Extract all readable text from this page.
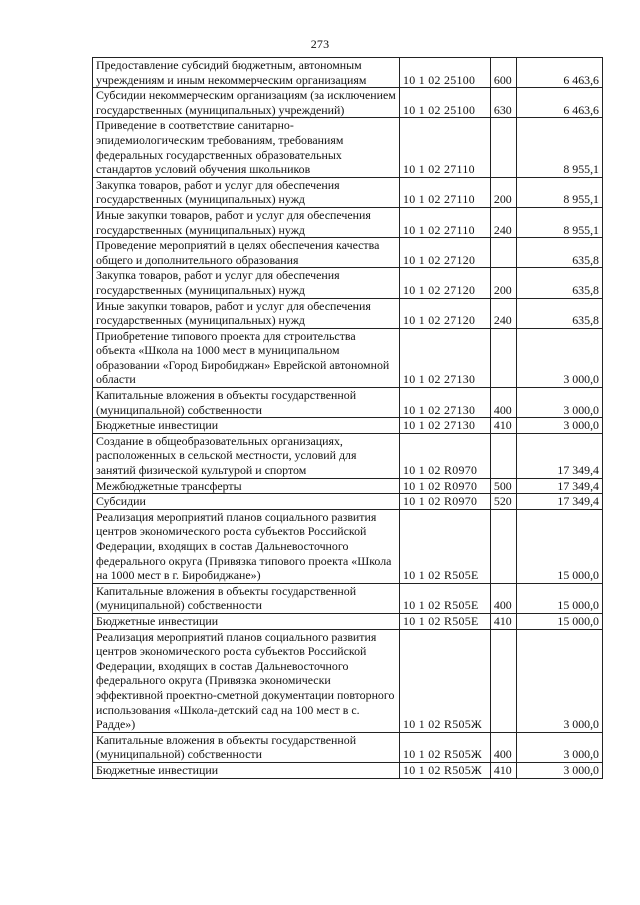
273
Предоставление субсидий бюджетным, автономным учреждениям и иным некоммерческим организациям	10 1 02 25100	600	6 463,6
Субсидии некоммерческим организациям (за исключением государственных (муниципальных) учреждений)	10 1 02 25100	630	6 463,6
Приведение в соответствие санитарно-эпидемиологическим требованиям, требованиям федеральных государственных образовательных стандартов условий обучения школьников	10 1 02 27110		8 955,1
Закупка товаров, работ и услуг для обеспечения государственных (муниципальных) нужд	10 1 02 27110	200	8 955,1
Иные закупки товаров, работ и услуг для обеспечения государственных (муниципальных) нужд	10 1 02 27110	240	8 955,1
Проведение мероприятий в целях обеспечения качества общего и дополнительного образования	10 1 02 27120		635,8
Закупка товаров, работ и услуг для обеспечения государственных (муниципальных) нужд	10 1 02 27120	200	635,8
Иные закупки товаров, работ и услуг для обеспечения государственных (муниципальных) нужд	10 1 02 27120	240	635,8
Приобретение типового проекта для строительства объекта «Школа на 1000 мест в муниципальном образовании «Город Биробиджан» Еврейской автономной области	10 1 02 27130		3 000,0
Капитальные вложения в объекты государственной (муниципальной) собственности	10 1 02 27130	400	3 000,0
Бюджетные инвестиции	10 1 02 27130	410	3 000,0
Создание в общеобразовательных организациях, расположенных в сельской местности, условий для занятий физической культурой и спортом	10 1 02 R0970		17 349,4
Межбюджетные трансферты	10 1 02 R0970	500	17 349,4
Субсидии	10 1 02 R0970	520	17 349,4
Реализация мероприятий планов социального развития центров экономического роста субъектов Российской Федерации, входящих в состав Дальневосточного федерального округа (Привязка типового проекта «Школа на 1000 мест в г. Биробиджане»)	10 1 02 R505E		15 000,0
Капитальные вложения в объекты государственной (муниципальной) собственности	10 1 02 R505E	400	15 000,0
Бюджетные инвестиции	10 1 02 R505E	410	15 000,0
Реализация мероприятий планов социального развития центров экономического роста субъектов Российской Федерации, входящих в состав Дальневосточного федерального округа (Привязка экономически эффективной проектно-сметной документации повторного использования «Школа-детский сад на 100 мест в с. Радде»)	10 1 02 R505Ж		3 000,0
Капитальные вложения в объекты государственной (муниципальной) собственности	10 1 02 R505Ж	400	3 000,0
Бюджетные инвестиции	10 1 02 R505Ж	410	3 000,0
